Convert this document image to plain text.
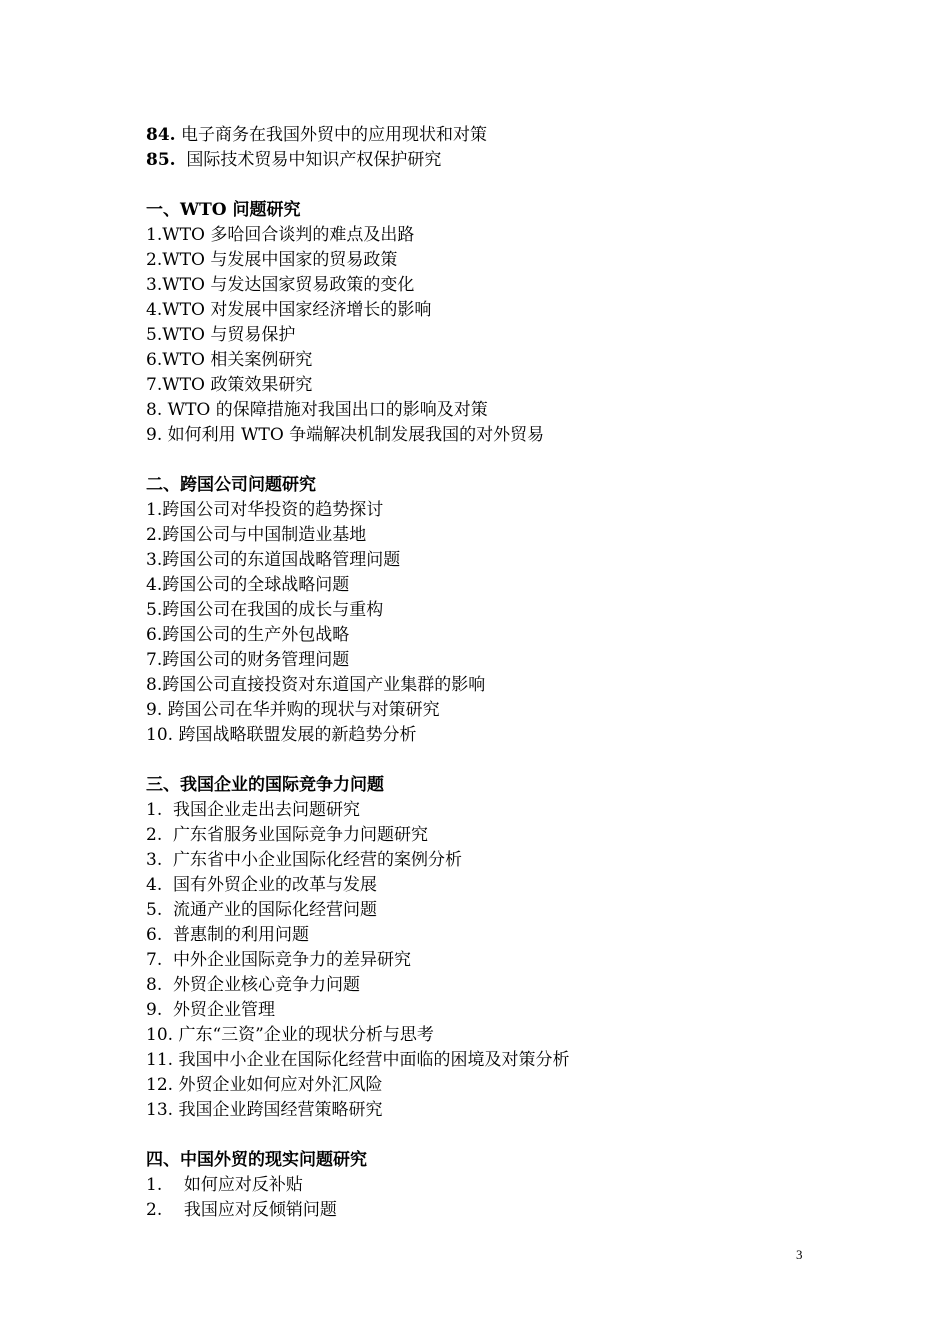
84. 电子商务在我国外贸中的应用现状和对策
85.  国际技术贸易中知识产权保护研究
一、WTO 问题研究
1.WTO 多哈回合谈判的难点及出路
2.WTO 与发展中国家的贸易政策
3.WTO 与发达国家贸易政策的变化
4.WTO 对发展中国家经济增长的影响
5.WTO 与贸易保护
6.WTO 相关案例研究
7.WTO 政策效果研究
8. WTO 的保障措施对我国出口的影响及对策
9. 如何利用 WTO 争端解决机制发展我国的对外贸易
二、跨国公司问题研究
1.跨国公司对华投资的趋势探讨
2.跨国公司与中国制造业基地
3.跨国公司的东道国战略管理问题
4.跨国公司的全球战略问题
5.跨国公司在我国的成长与重构
6.跨国公司的生产外包战略
7.跨国公司的财务管理问题
8.跨国公司直接投资对东道国产业集群的影响
9. 跨国公司在华并购的现状与对策研究
10. 跨国战略联盟发展的新趋势分析
三、我国企业的国际竞争力问题
1.  我国企业走出去问题研究
2.  广东省服务业国际竞争力问题研究
3.  广东省中小企业国际化经营的案例分析
4.  国有外贸企业的改革与发展
5.  流通产业的国际化经营问题
6.  普惠制的利用问题
7.  中外企业国际竞争力的差异研究
8.  外贸企业核心竞争力问题
9.  外贸企业管理
10. 广东“三资”企业的现状分析与思考
11. 我国中小企业在国际化经营中面临的困境及对策分析
12. 外贸企业如何应对外汇风险
13. 我国企业跨国经营策略研究
四、中国外贸的现实问题研究
1.    如何应对反补贴
2.    我国应对反倾销问题
3
